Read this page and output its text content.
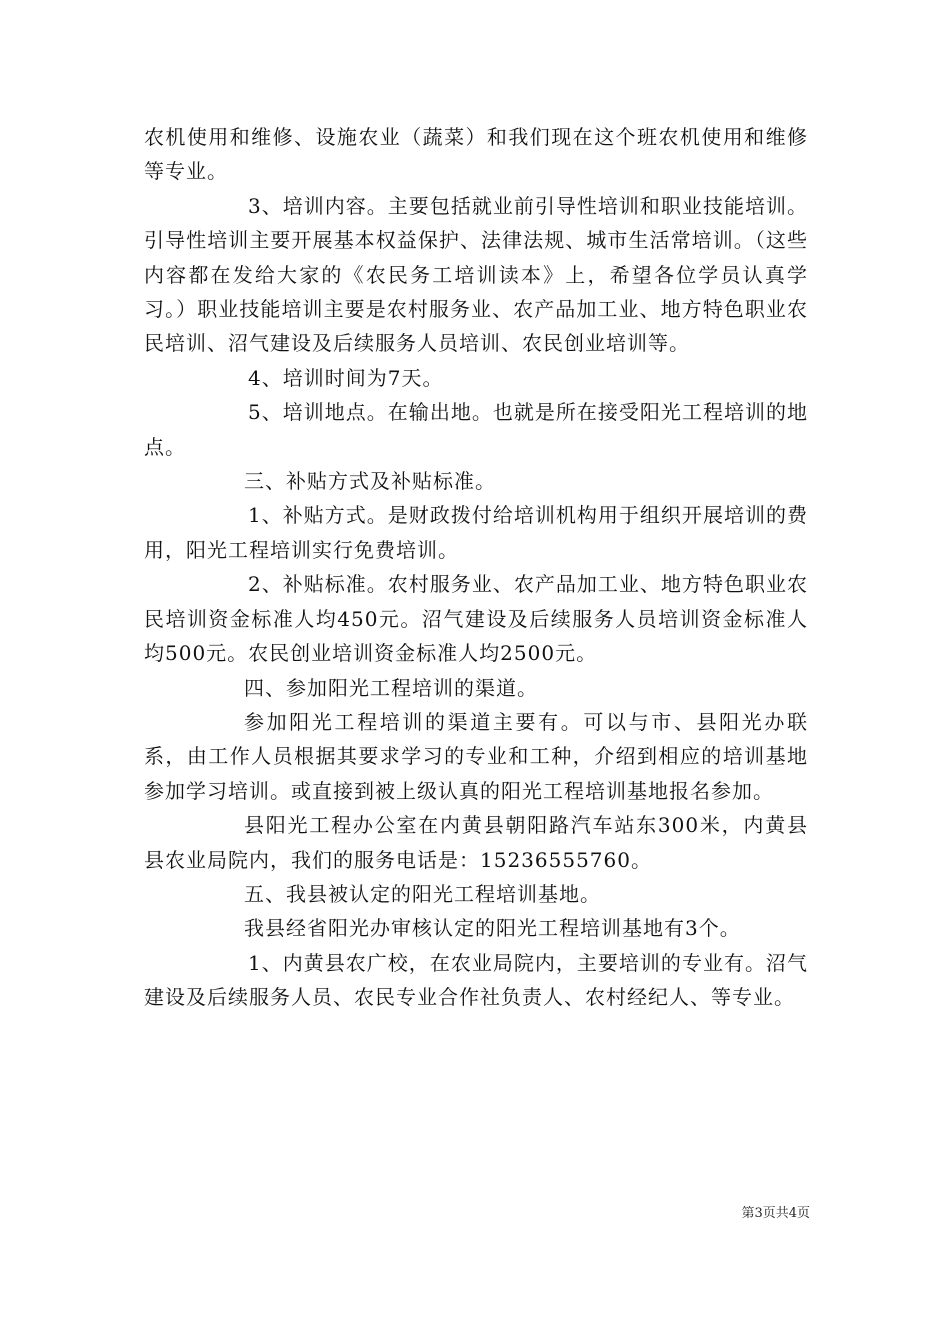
农机使用和维修、设施农业（蔬菜）和我们现在这个班农机使用和维修等专业。

3、培训内容。主要包括就业前引导性培训和职业技能培训。引导性培训主要开展基本权益保护、法律法规、城市生活常培训。（这些内容都在发给大家的《农民务工培训读本》上，希望各位学员认真学习。）职业技能培训主要是农村服务业、农产品加工业、地方特色职业农民培训、沼气建设及后续服务人员培训、农民创业培训等。

4、培训时间为7天。

5、培训地点。在输出地。也就是所在接受阳光工程培训的地点。

三、补贴方式及补贴标准。

1、补贴方式。是财政拨付给培训机构用于组织开展培训的费用，阳光工程培训实行免费培训。

2、补贴标准。农村服务业、农产品加工业、地方特色职业农民培训资金标准人均450元。沼气建设及后续服务人员培训资金标准人均500元。农民创业培训资金标准人均2500元。

四、参加阳光工程培训的渠道。

参加阳光工程培训的渠道主要有。可以与市、县阳光办联系，由工作人员根据其要求学习的专业和工种，介绍到相应的培训基地参加学习培训。或直接到被上级认真的阳光工程培训基地报名参加。

县阳光工程办公室在内黄县朝阳路汽车站东300米，内黄县县农业局院内，我们的服务电话是：15236555760。

五、我县被认定的阳光工程培训基地。

我县经省阳光办审核认定的阳光工程培训基地有3个。

1、内黄县农广校，在农业局院内，主要培训的专业有。沼气建设及后续服务人员、农民专业合作社负责人、农村经纪人、等专业。

第3页共4页
